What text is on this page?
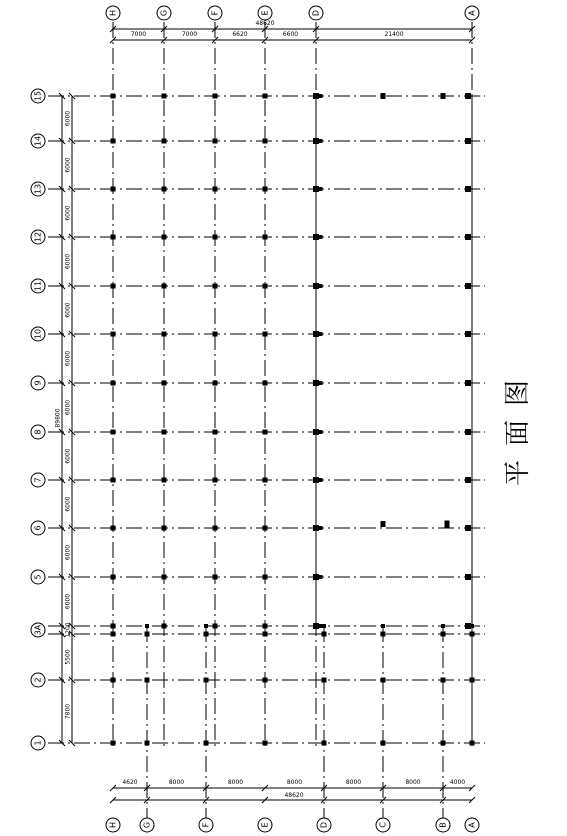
7000	7000	6620	6600	21400
48620
4620	8000	8000	8000	8000	8000	4000
48620
7800
5500
1200
6000
6000
6000
6000
6000
6000
6000
6000
6000
6000
6000
89800
H	G	F	E	D	A
H	G	F	E	D	C	B	A
1
2
3A
5
6
7
8
9
10
11
12
13
14
15
平面图
